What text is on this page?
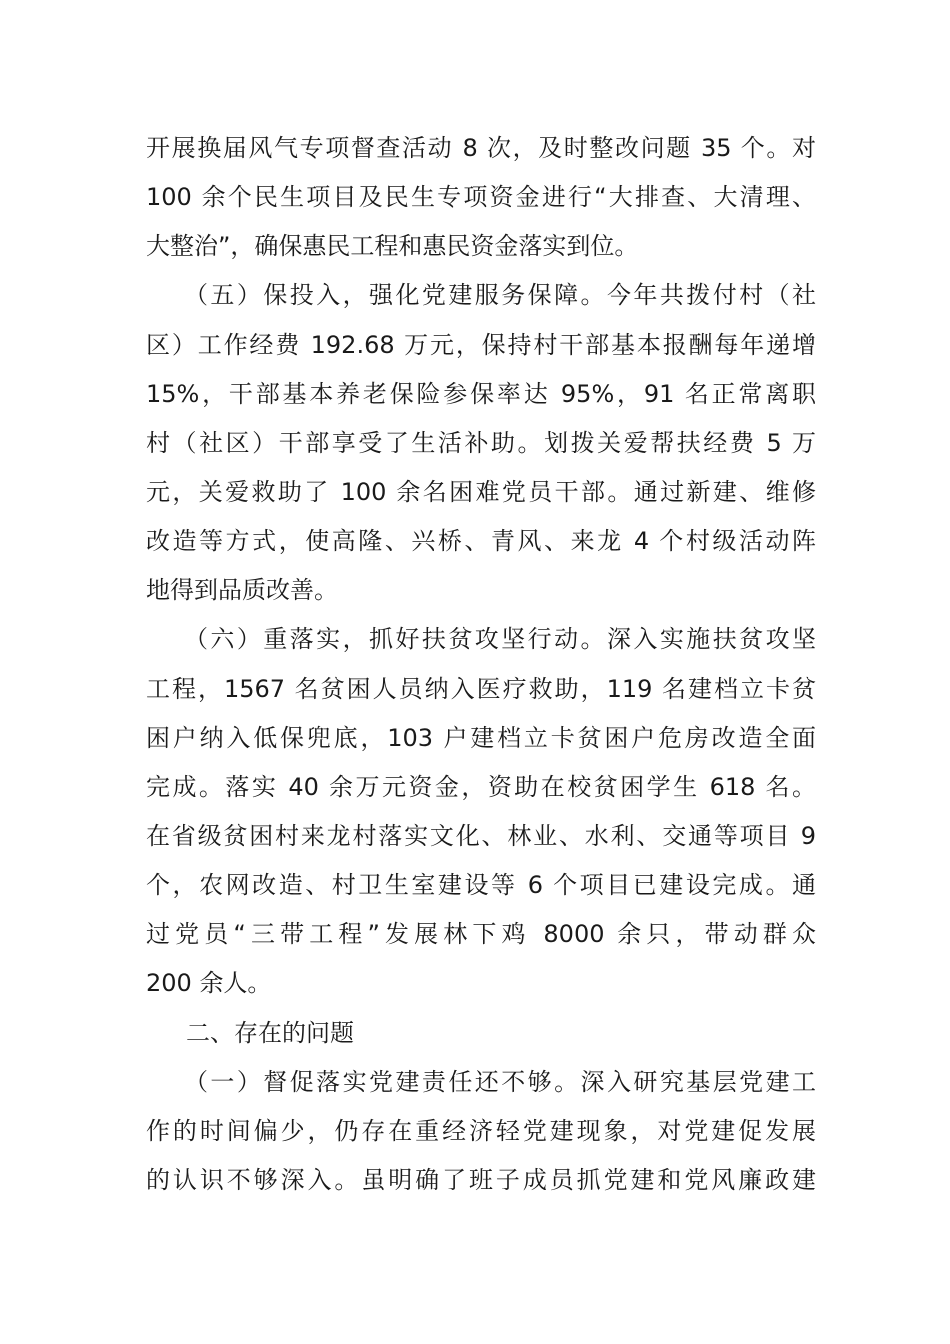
开展换届风气专项督查活动 8 次，及时整改问题 35 个。对
100 余个民生项目及民生专项资金进行“大排查、大清理、
大整治”，确保惠民工程和惠民资金落实到位。
（五）保投入，强化党建服务保障。今年共拨付村（社
区）工作经费 192.68 万元，保持村干部基本报酬每年递增
15%，干部基本养老保险参保率达 95%，91 名正常离职
村（社区）干部享受了生活补助。划拨关爱帮扶经费 5 万
元，关爱救助了 100 余名困难党员干部。通过新建、维修
改造等方式，使高隆、兴桥、青风、来龙 4 个村级活动阵
地得到品质改善。
（六）重落实，抓好扶贫攻坚行动。深入实施扶贫攻坚
工程，1567 名贫困人员纳入医疗救助，119 名建档立卡贫
困户纳入低保兜底，103 户建档立卡贫困户危房改造全面
完成。落实 40 余万元资金，资助在校贫困学生 618 名。
在省级贫困村来龙村落实文化、林业、水利、交通等项目 9
个，农网改造、村卫生室建设等 6 个项目已建设完成。通
过党员“三带工程”发展林下鸡 8000 余只，带动群众
200 余人。
二、存在的问题
（一）督促落实党建责任还不够。深入研究基层党建工
作的时间偏少，仍存在重经济轻党建现象，对党建促发展
的认识不够深入。虽明确了班子成员抓党建和党风廉政建
